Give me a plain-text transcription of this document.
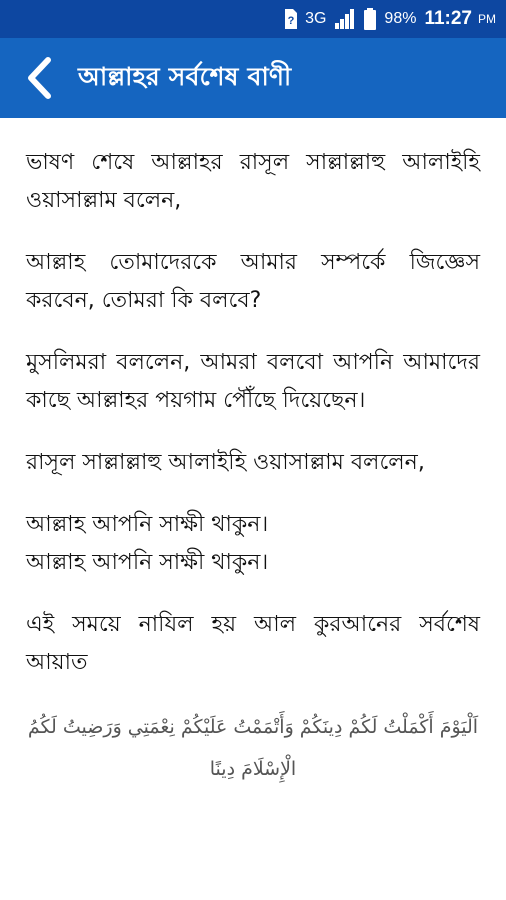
? 3G	98% 11:27 PM
আল্লাহর সর্বশেষ বাণী

ভাষণ শেষে আল্লাহর রাসূল সাল্লাল্লাহু আলাইহি ওয়াসাল্লাম বলেন,

আল্লাহ তোমাদেরকে আমার সম্পর্কে জিজ্ঞেস করবেন, তোমরা কি বলবে?

মুসলিমরা বললেন, আমরা বলবো আপনি আমাদের কাছে আল্লাহর পয়গাম পৌঁছে দিয়েছেন।

রাসূল সাল্লাল্লাহু আলাইহি ওয়াসাল্লাম বললেন,

আল্লাহ আপনি সাক্ষী থাকুন।

আল্লাহ আপনি সাক্ষী থাকুন।

এই সময়ে নাযিল হয় আল কুরআনের সর্বশেষ আয়াত

اَلْيَوْمَ أَكْمَلْتُ لَكُمْ دِينَكُمْ وَأَتْمَمْتُ عَلَيْكُمْ نِعْمَتِي وَرَضِيتُ لَكُمُ الْإِسْلَامَ دِينًا
